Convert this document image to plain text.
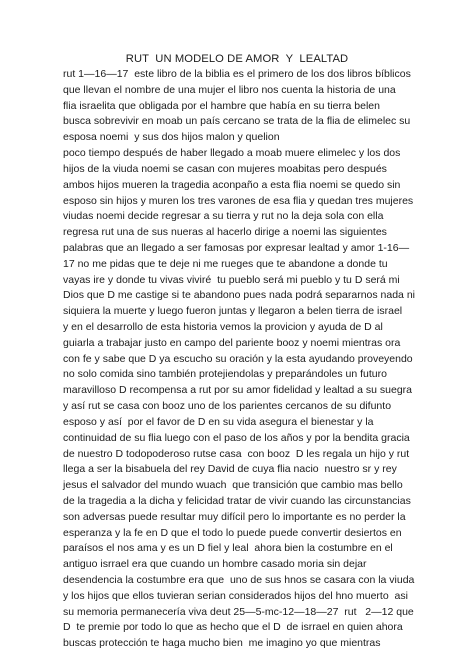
RUT  UN MODELO DE AMOR  Y  LEALTAD
rut 1—16—17  este libro de la biblia es el primero de los dos libros bíblicos
que llevan el nombre de una mujer el libro nos cuenta la historia de una
flia israelita que obligada por el hambre que había en su tierra belen
busca sobrevivir en moab un país cercano se trata de la flia de elimelec su
esposa noemi  y sus dos hijos malon y quelion
poco tiempo después de haber llegado a moab muere elimelec y los dos
hijos de la viuda noemi se casan con mujeres moabitas pero después
ambos hijos mueren la tragedia aconpaño a esta flia noemi se quedo sin
esposo sin hijos y muren los tres varones de esa flia y quedan tres mujeres
viudas noemi decide regresar a su tierra y rut no la deja sola con ella
regresa rut una de sus nueras al hacerlo dirige a noemi las siguientes
palabras que an llegado a ser famosas por expresar lealtad y amor 1-16—
17 no me pidas que te deje ni me rueges que te abandone a donde tu
vayas ire y donde tu vivas viviré  tu pueblo será mi pueblo y tu D será mi
Dios que D me castige si te abandono pues nada podrá separarnos nada ni
siquiera la muerte y luego fueron juntas y llegaron a belen tierra de israel
y en el desarrollo de esta historia vemos la provicion y ayuda de D al
guiarla a trabajar justo en campo del pariente booz y noemi mientras ora
con fe y sabe que D ya escucho su oración y la esta ayudando proveyendo
no solo comida sino también protejiendolas y preparándoles un futuro
maravilloso D recompensa a rut por su amor fidelidad y lealtad a su suegra
y así rut se casa con booz uno de los parientes cercanos de su difunto
esposo y así  por el favor de D en su vida asegura el bienestar y la
continuidad de su flia luego con el paso de los años y por la bendita gracia
de nuestro D todopoderoso rutse casa  con booz  D les regala un hijo y rut
llega a ser la bisabuela del rey David de cuya flia nacio  nuestro sr y rey
jesus el salvador del mundo wuach  que transición que cambio mas bello
de la tragedia a la dicha y felicidad tratar de vivir cuando las circunstancias
son adversas puede resultar muy difícil pero lo importante es no perder la
esperanza y la fe en D que el todo lo puede puede convertir desiertos en
paraísos el nos ama y es un D fiel y leal  ahora bien la costumbre en el
antiguo isrrael era que cuando un hombre casado moria sin dejar
desendencia la costumbre era que  uno de sus hnos se casara con la viuda
y los hijos que ellos tuvieran serian considerados hijos del hno muerto  asi
su memoria permanecería viva deut 25—5-mc-12—18—27  rut   2—12 que
D  te premie por todo lo que as hecho que el D  de isrrael en quien ahora
buscas protección te haga mucho bien  me imagino yo que mientras
